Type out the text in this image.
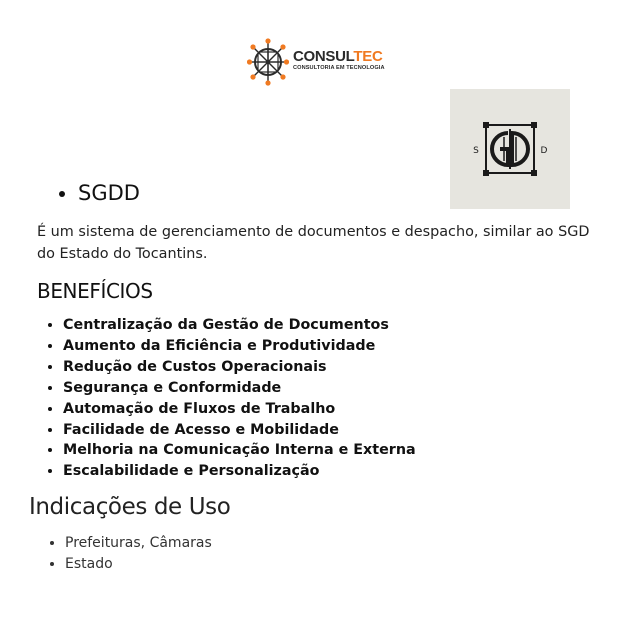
CONSULTEC
CONSULTORIA EM TECNOLOGIA
S	D
• SGDD

É um sistema de gerenciamento de documentos e despacho, similar ao SGD do Estado do Tocantins.

BENEFÍCIOS
• Centralização da Gestão de Documentos
• Aumento da Eficiência e Produtividade
• Redução de Custos Operacionais
• Segurança e Conformidade
• Automação de Fluxos de Trabalho
• Facilidade de Acesso e Mobilidade
• Melhoria na Comunicação Interna e Externa
• Escalabilidade e Personalização
Indicações de Uso
• Prefeituras, Câmaras
• Estado
